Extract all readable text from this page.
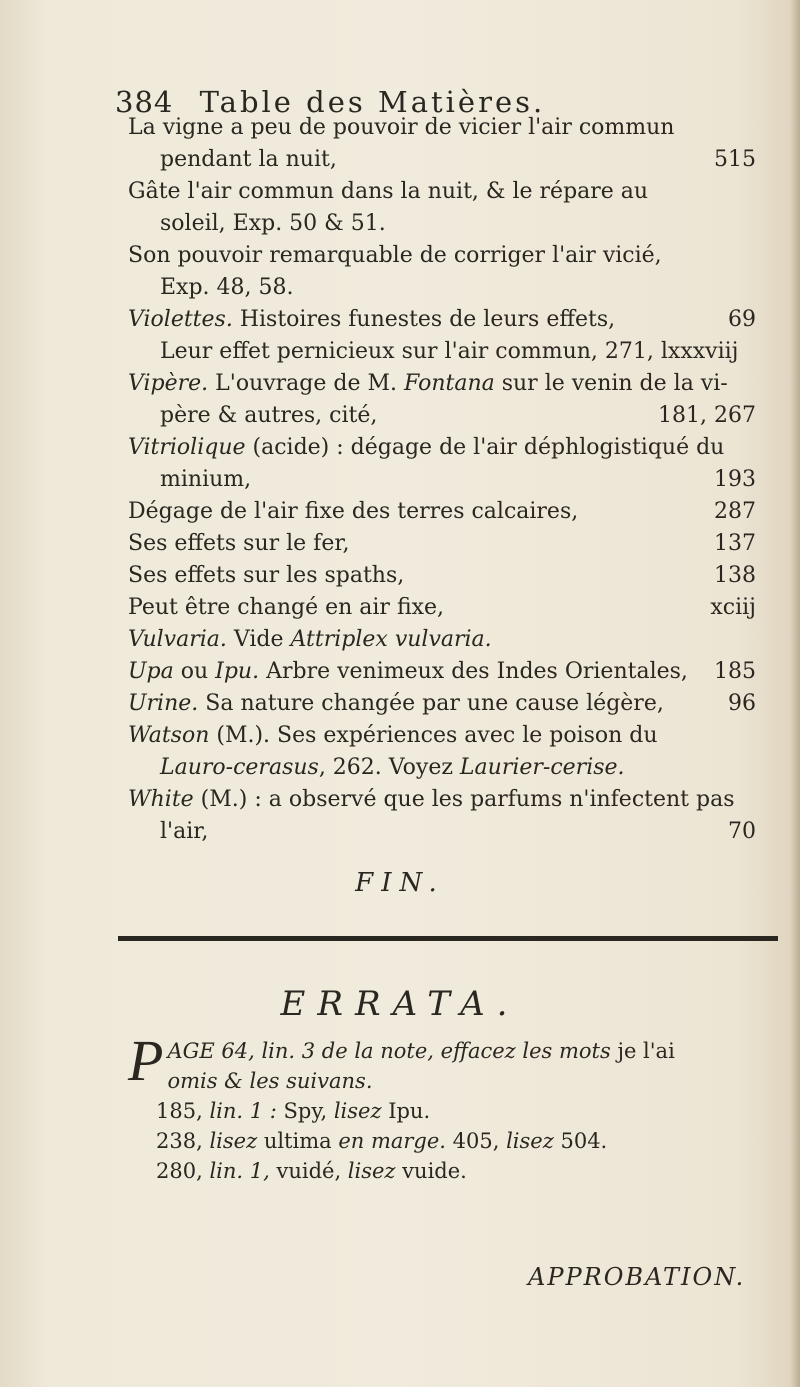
384 Table des Matières.
La vigne a peu de pouvoir de vicier l'air commun
pendant la nuit,	515
Gâte l'air commun dans la nuit, & le répare au
soleil, Exp. 50 & 51.
Son pouvoir remarquable de corriger l'air vicié,
Exp. 48, 58.
Violettes. Histoires funestes de leurs effets,	69
Leur effet pernicieux sur l'air commun, 271, lxxxviij
Vipère. L'ouvrage de M. Fontana sur le venin de la vi-
père & autres, cité,	181, 267
Vitriolique (acide) : dégage de l'air déphlogistiqué du
minium,	193
Dégage de l'air fixe des terres calcaires,	287
Ses effets sur le fer,	137
Ses effets sur les spaths,	138
Peut être changé en air fixe,	xciij
Vulvaria. Vide Attriplex vulvaria.
Upa ou Ipu. Arbre venimeux des Indes Orientales, 185
Urine. Sa nature changée par une cause légère,	96
Watson (M.). Ses expériences avec le poison du
Lauro-cerasus, 262. Voyez Laurier-cerise.
White (M.) : a observé que les parfums n'infectent pas
l'air,	70
FIN.
ERRATA.
P AGE 64, lin. 3 de la note, effacez les mots je l'ai
omis & les suivans.
185, lin. 1 : Spy, lisez Ipu.
238, lisez ultima en marge. 405, lisez 504.
280, lin. 1, vuidé, lisez vuide.
APPROBATION.
